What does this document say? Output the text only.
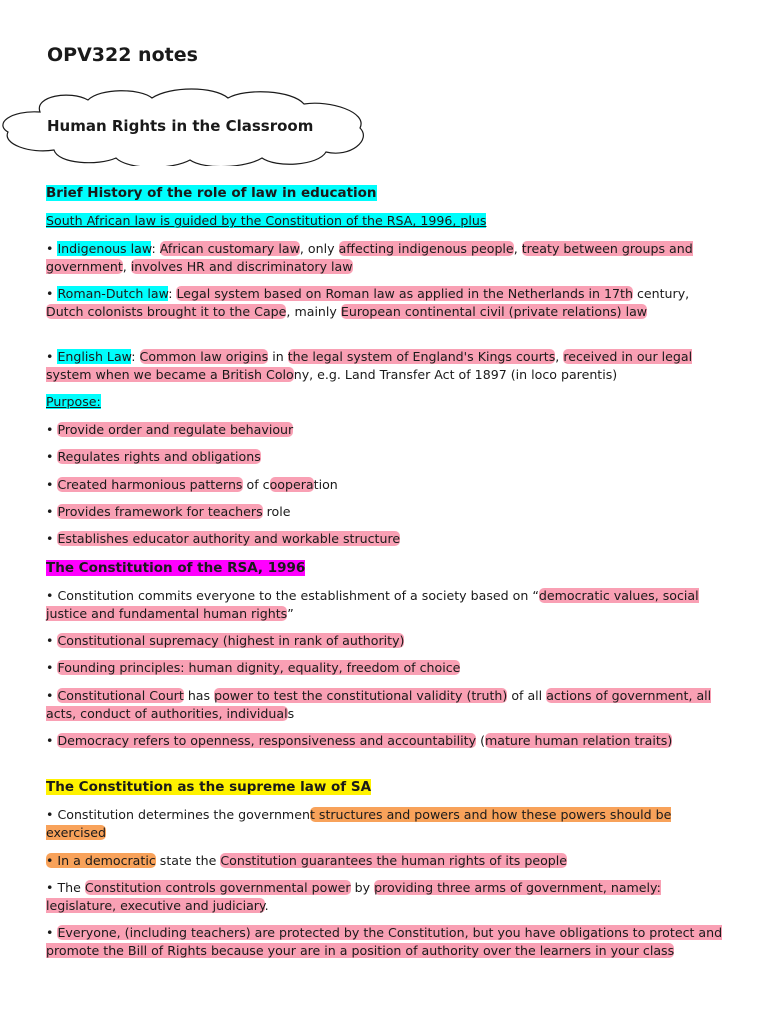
OPV322 notes
Human Rights in the Classroom

Brief History of the role of law in education

South African law is guided by the Constitution of the RSA, 1996, plus

• Indigenous law: African customary law, only affecting indigenous people, treaty between groups and government, involves HR and discriminatory law

• Roman-Dutch law: Legal system based on Roman law as applied in the Netherlands in 17th century, Dutch colonists brought it to the Cape, mainly European continental civil (private relations) law

• English Law: Common law origins in the legal system of England's Kings courts, received in our legal system when we became a British Colony, e.g. Land Transfer Act of 1897 (in loco parentis)

Purpose:

• Provide order and regulate behaviour

• Regulates rights and obligations

• Created harmonious patterns of cooperation

• Provides framework for teachers role

• Establishes educator authority and workable structure

The Constitution of the RSA, 1996

• Constitution commits everyone to the establishment of a society based on “democratic values, social justice and fundamental human rights”

• Constitutional supremacy (highest in rank of authority)

• Founding principles: human dignity, equality, freedom of choice

• Constitutional Court has power to test the constitutional validity (truth) of all actions of government, all acts, conduct of authorities, individuals

• Democracy refers to openness, responsiveness and accountability (mature human relation traits)

The Constitution as the supreme law of SA

• Constitution determines the government structures and powers and how these powers should be exercised

• In a democratic state the Constitution guarantees the human rights of its people

• The Constitution controls governmental power by providing three arms of government, namely: legislature, executive and judiciary.

• Everyone, (including teachers) are protected by the Constitution, but you have obligations to protect and promote the Bill of Rights because your are in a position of authority over the learners in your class
